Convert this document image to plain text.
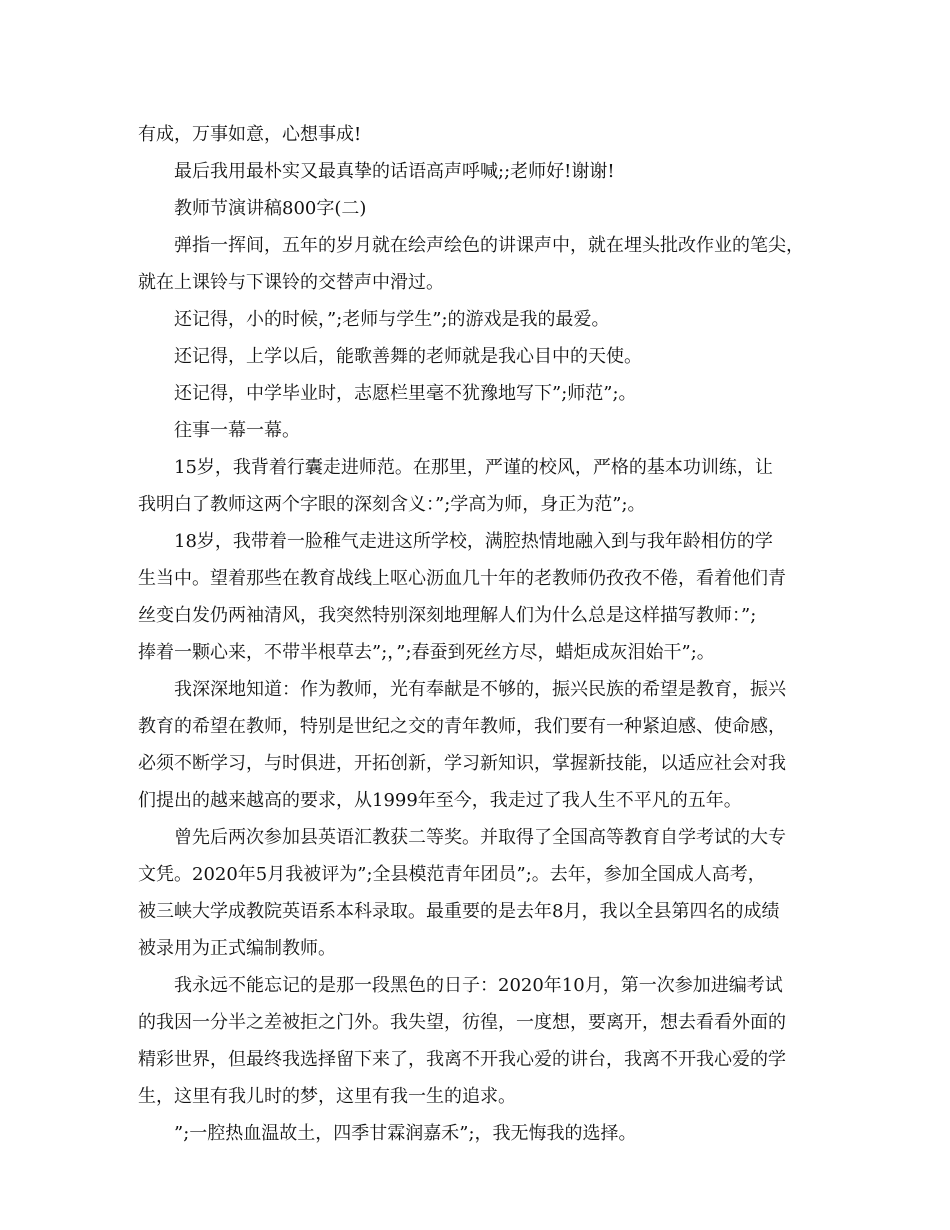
有成，万事如意，心想事成!
最后我用最朴实又最真挚的话语高声呼喊;;老师好!谢谢!
教师节演讲稿800字(二)
弹指一挥间，五年的岁月就在绘声绘色的讲课声中，就在埋头批改作业的笔尖，
就在上课铃与下课铃的交替声中滑过。
还记得，小的时候，”;老师与学生”;的游戏是我的最爱。
还记得，上学以后，能歌善舞的老师就是我心目中的天使。
还记得，中学毕业时，志愿栏里毫不犹豫地写下”;师范”;。
往事一幕一幕。
15岁，我背着行囊走进师范。在那里，严谨的校风，严格的基本功训练，让
我明白了教师这两个字眼的深刻含义：”;学高为师，身正为范”;。
18岁，我带着一脸稚气走进这所学校，满腔热情地融入到与我年龄相仿的学
生当中。望着那些在教育战线上呕心沥血几十年的老教师仍孜孜不倦，看着他们青
丝变白发仍两袖清风，我突然特别深刻地理解人们为什么总是这样描写教师：”;
捧着一颗心来，不带半根草去”;，”;春蚕到死丝方尽，蜡炬成灰泪始干”;。
我深深地知道：作为教师，光有奉献是不够的，振兴民族的希望是教育，振兴
教育的希望在教师，特别是世纪之交的青年教师，我们要有一种紧迫感、使命感，
必须不断学习，与时俱进，开拓创新，学习新知识，掌握新技能，以适应社会对我
们提出的越来越高的要求，从1999年至今，我走过了我人生不平凡的五年。
曾先后两次参加县英语汇教获二等奖。并取得了全国高等教育自学考试的大专
文凭。2020年5月我被评为”;全县模范青年团员”;。去年，参加全国成人高考，
被三峡大学成教院英语系本科录取。最重要的是去年8月，我以全县第四名的成绩
被录用为正式编制教师。
我永远不能忘记的是那一段黑色的日子：2020年10月，第一次参加进编考试
的我因一分半之差被拒之门外。我失望，彷徨，一度想，要离开，想去看看外面的
精彩世界，但最终我选择留下来了，我离不开我心爱的讲台，我离不开我心爱的学
生，这里有我儿时的梦，这里有我一生的追求。
”;一腔热血温故土，四季甘霖润嘉禾”;，我无悔我的选择。
